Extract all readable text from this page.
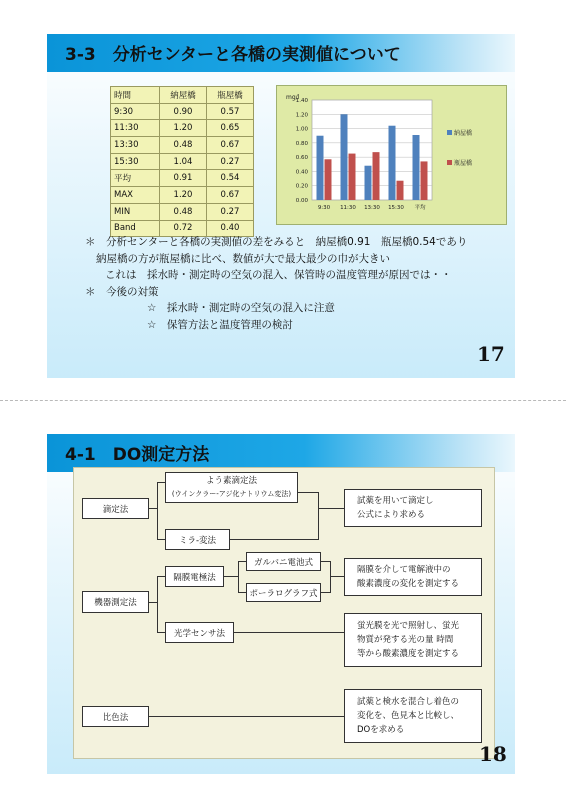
3-3　分析センターと各橋の実測値について
時間	納屋橋	瓶屋橋
9:30	0.90	0.57
11:30	1.20	0.65
13:30	0.48	0.67
15:30	1.04	0.27
平均	0.91	0.54
MAX	1.20	0.67
MIN	0.48	0.27
Band	0.72	0.40
0.00
0.20
0.40
0.60
0.80
1.00
1.20
1.40
mg/l
9:30 11:30 13:30 15:30 平均
納屋橋
瓶屋橋
＊　分析センターと各橋の実測値の差をみると　納屋橋0.91　瓶屋橋0.54であり
納屋橋の方が瓶屋橋に比べ、数値が大で最大最少の巾が大きい
これは　採水時・測定時の空気の混入、保管時の温度管理が原因では・・
＊　今後の対策
☆　採水時・測定時の空気の混入に注意
☆　保管方法と温度管理の検討
17
4-1　DO測定方法
滴定法
よう素滴定法
(ウインクラー-アジ化ナトリウム変法)
ミラ-変法
試薬を用いて滴定し
公式により求める
機器測定法
隔膜電極法
ガルバニ電池式
ポーラログラフ式
隔膜を介して電解液中の
酸素濃度の変化を測定する
光学センサ法
蛍光膜を光で照射し、蛍光
物質が発する光の量 時間
等から酸素濃度を測定する
比色法
試薬と検水を混合し着色の
変化を、色見本と比較し、
DOを求める
18
